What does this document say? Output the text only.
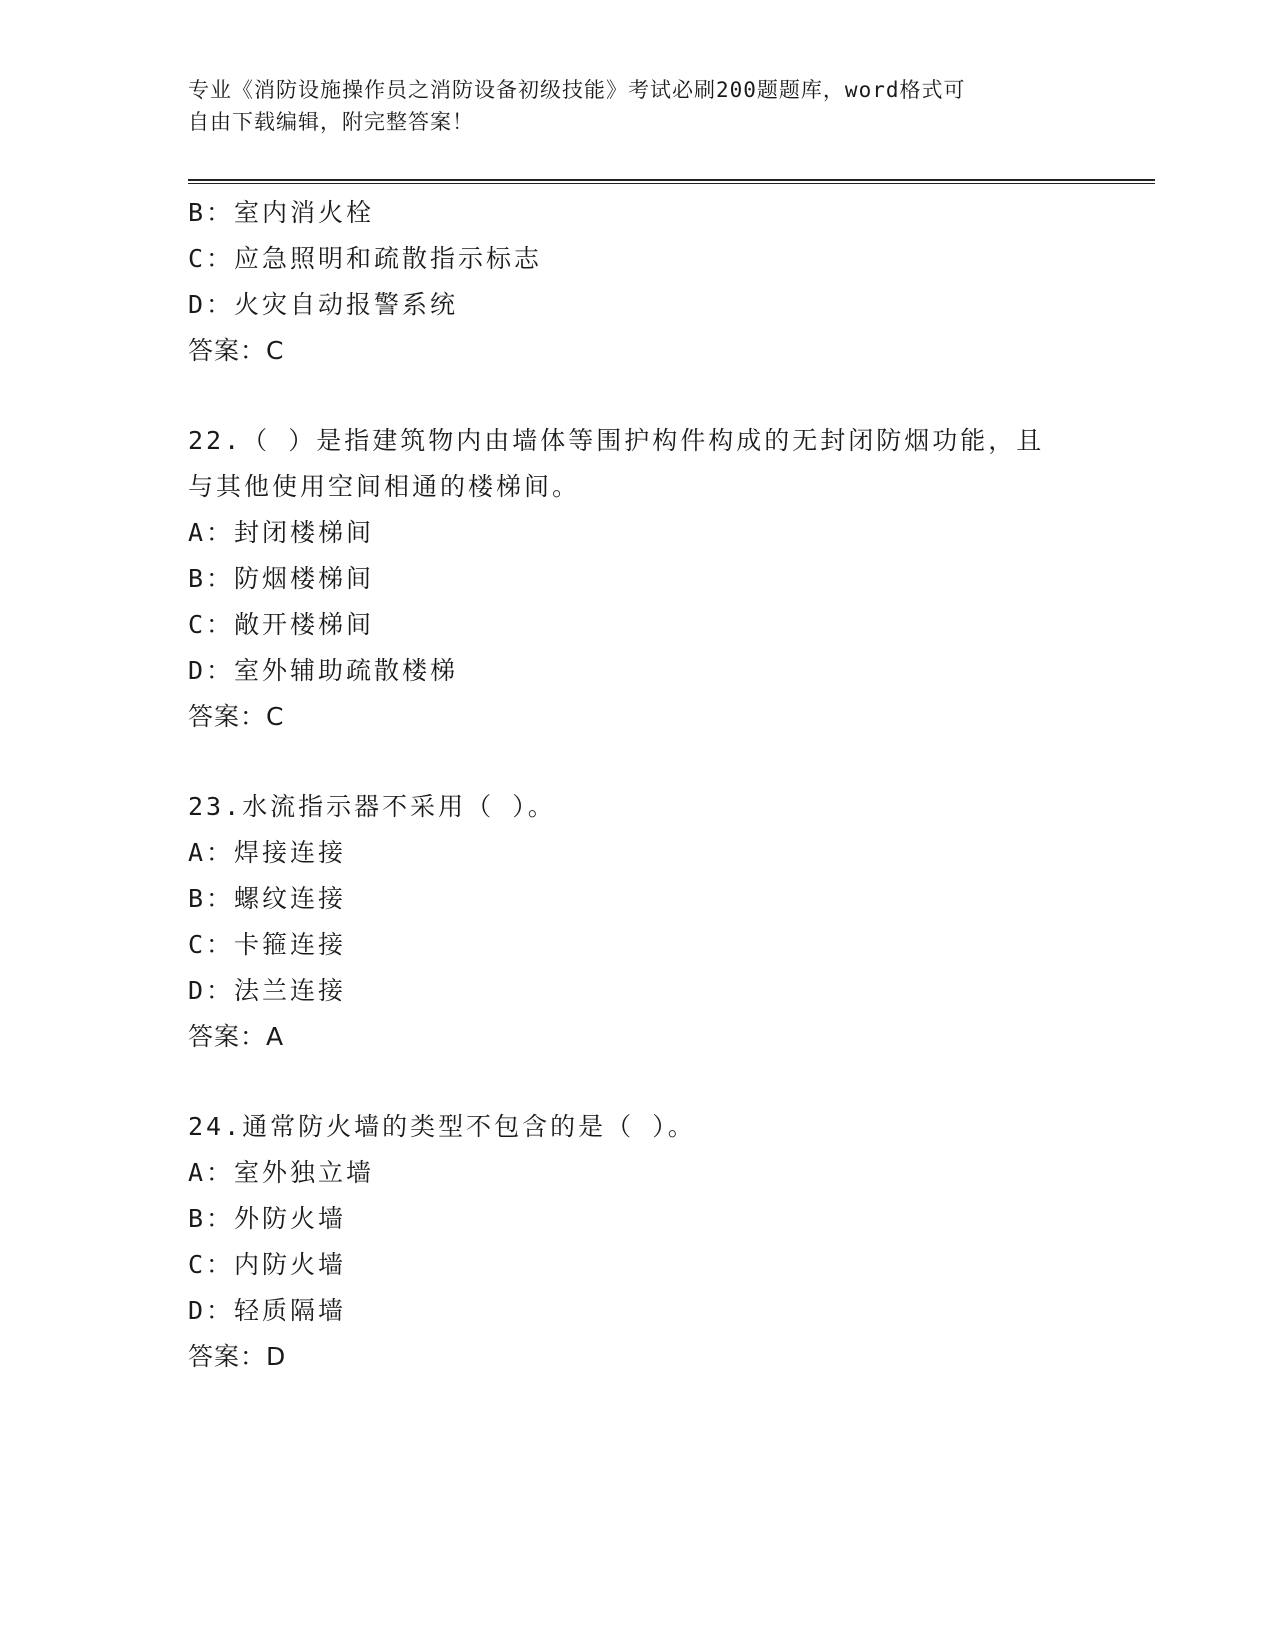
专业《消防设施操作员之消防设备初级技能》考试必刷200题题库，word格式可
自由下载编辑，附完整答案！
B：室内消火栓
C：应急照明和疏散指示标志
D：火灾自动报警系统
答案：C
22.（ ）是指建筑物内由墙体等围护构件构成的无封闭防烟功能，且
与其他使用空间相通的楼梯间。
A：封闭楼梯间
B：防烟楼梯间
C：敞开楼梯间
D：室外辅助疏散楼梯
答案：C
23.水流指示器不采用（ ）。
A：焊接连接
B：螺纹连接
C：卡箍连接
D：法兰连接
答案：A
24.通常防火墙的类型不包含的是（ ）。
A：室外独立墙
B：外防火墙
C：内防火墙
D：轻质隔墙
答案：D
